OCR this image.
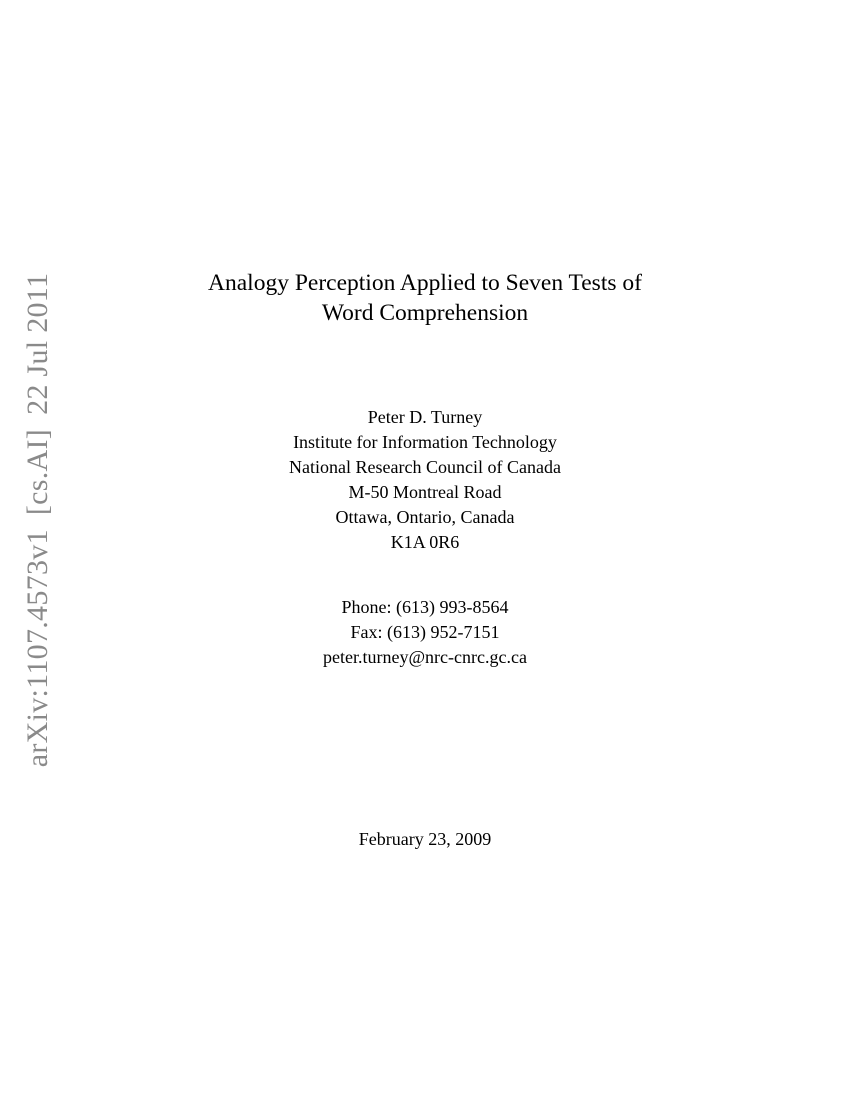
arXiv:1107.4573v1[cs.AI]22 Jul 2011	Analogy Perception Applied to Seven Tests of
Word Comprehension
Peter D. Turney
Institute for Information Technology
National Research Council of Canada
M-50 Montreal Road
Ottawa, Ontario, Canada
K1A 0R6
Phone: (613) 993-8564
Fax: (613) 952-7151
peter.turney@nrc-cnrc.gc.ca
February 23, 2009
